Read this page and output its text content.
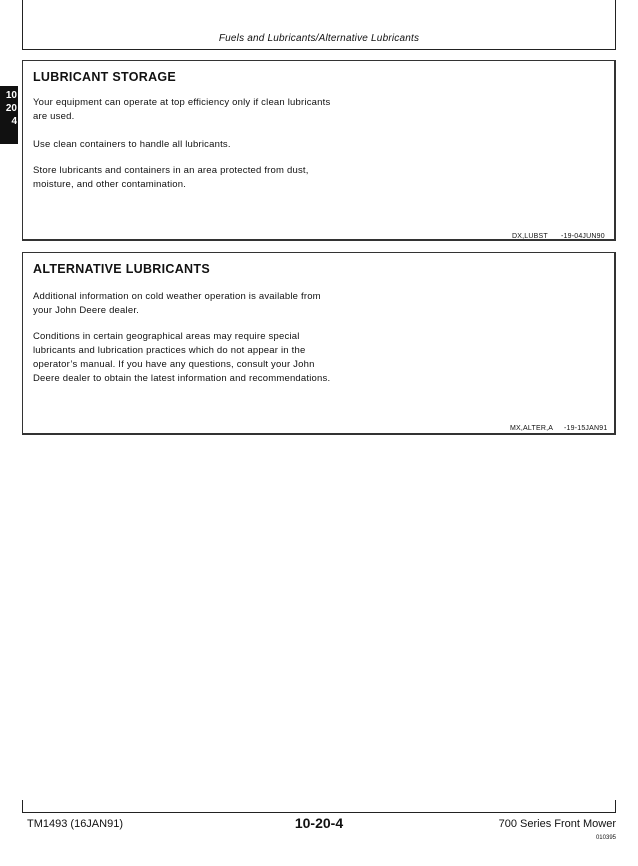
Fuels and Lubricants/Alternative Lubricants
10
20
4
LUBRICANT STORAGE

Your equipment can operate at top efficiency only if clean lubricants are used.

Use clean containers to handle all lubricants.

Store lubricants and containers in an area protected from dust, moisture, and other contamination.

DX,LUBST -19-04JUN90
ALTERNATIVE LUBRICANTS

Additional information on cold weather operation is available from your John Deere dealer.

Conditions in certain geographical areas may require special lubricants and lubrication practices which do not appear in the operator’s manual. If you have any questions, consult your John Deere dealer to obtain the latest information and recommendations.

MX,ALTER,A -19-15JAN91
TM1493 (16JAN91)	10-20-4	700 Series Front Mower
010395
